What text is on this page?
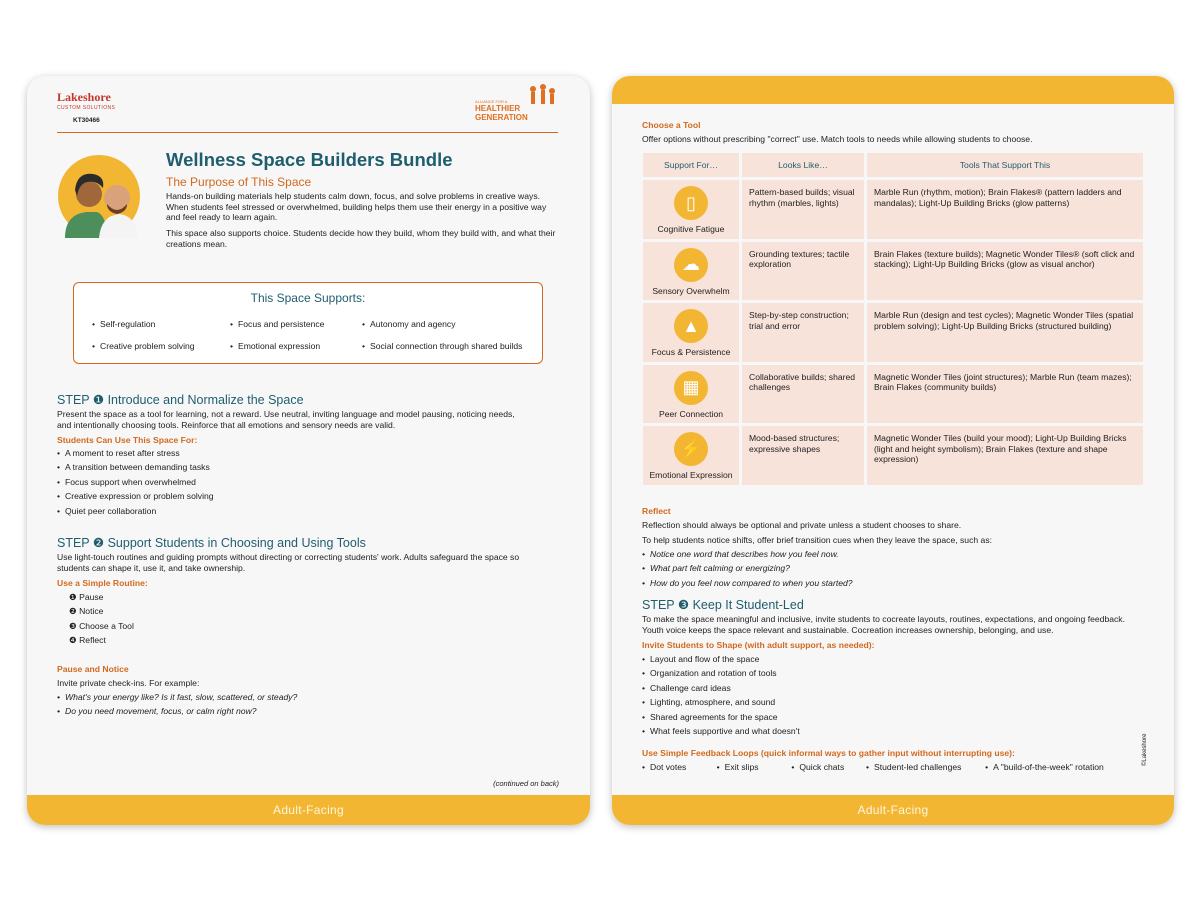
Lakeshore
CUSTOM SOLUTIONS
KT30466
ALLIANCE FOR A
HEALTHIER
GENERATION
Wellness Space Builders Bundle
The Purpose of This Space
Hands-on building materials help students calm down, focus, and solve problems in creative ways. When students feel stressed or overwhelmed, building helps them use their energy in a positive way and feel ready to learn again.
This space also supports choice. Students decide how they build, whom they build with, and what their creations mean.
This Space Supports:
• Self-regulation
• Creative problem solving
• Focus and persistence
• Emotional expression
• Autonomy and agency
• Social connection through shared builds
STEP ❶ Introduce and Normalize the Space
Present the space as a tool for learning, not a reward. Use neutral, inviting language and model pausing, noticing needs, and intentionally choosing tools. Reinforce that all emotions and sensory needs are valid.
Students Can Use This Space For:
• A moment to reset after stress
• A transition between demanding tasks
• Focus support when overwhelmed
• Creative expression or problem solving
• Quiet peer collaboration
STEP ❷ Support Students in Choosing and Using Tools
Use light-touch routines and guiding prompts without directing or correcting students' work. Adults safeguard the space so students can shape it, use it, and take ownership.
Use a Simple Routine:
❶ Pause
❷ Notice
❸ Choose a Tool
❹ Reflect
Pause and Notice
Invite private check-ins. For example:
• What's your energy like? Is it fast, slow, scattered, or steady?
• Do you need movement, focus, or calm right now?
(continued on back)
Adult-Facing
Choose a Tool
Offer options without prescribing "correct" use. Match tools to needs while allowing students to choose.
Support For…	Looks Like…	Tools That Support This

▯
Cognitive Fatigue	Pattern-based builds; visual rhythm (marbles, lights)	Marble Run (rhythm, motion); Brain Flakes® (pattern ladders and mandalas); Light-Up Building Bricks (glow patterns)

☁
Sensory Overwhelm	Grounding textures; tactile exploration	Brain Flakes (texture builds); Magnetic Wonder Tiles® (soft click and stacking); Light-Up Building Bricks (glow as visual anchor)

▲
Focus & Persistence	Step-by-step construction; trial and error	Marble Run (design and test cycles); Magnetic Wonder Tiles (spatial problem solving); Light-Up Building Bricks (structured building)

▦
Peer Connection	Collaborative builds; shared challenges	Magnetic Wonder Tiles (joint structures); Marble Run (team mazes); Brain Flakes (community builds)

⚡
Emotional Expression	Mood-based structures; expressive shapes	Magnetic Wonder Tiles (build your mood); Light-Up Building Bricks (light and height symbolism); Brain Flakes (texture and shape expression)
Reflect
Reflection should always be optional and private unless a student chooses to share.
To help students notice shifts, offer brief transition cues when they leave the space, such as:
• Notice one word that describes how you feel now.
• What part felt calming or energizing?
• How do you feel now compared to when you started?
STEP ❸ Keep It Student-Led
To make the space meaningful and inclusive, invite students to cocreate layouts, routines, expectations, and ongoing feedback. Youth voice keeps the space relevant and sustainable. Cocreation increases ownership, belonging, and use.
Invite Students to Shape (with adult support, as needed):
• Layout and flow of the space
• Organization and rotation of tools
• Challenge card ideas
• Lighting, atmosphere, and sound
• Shared agreements for the space
• What feels supportive and what doesn't
Use Simple Feedback Loops (quick informal ways to gather input without interrupting use):
• Dot votes	• Exit slips	• Quick chats	• Student-led challenges	• A "build-of-the-week" rotation
©Lakeshore
Adult-Facing
